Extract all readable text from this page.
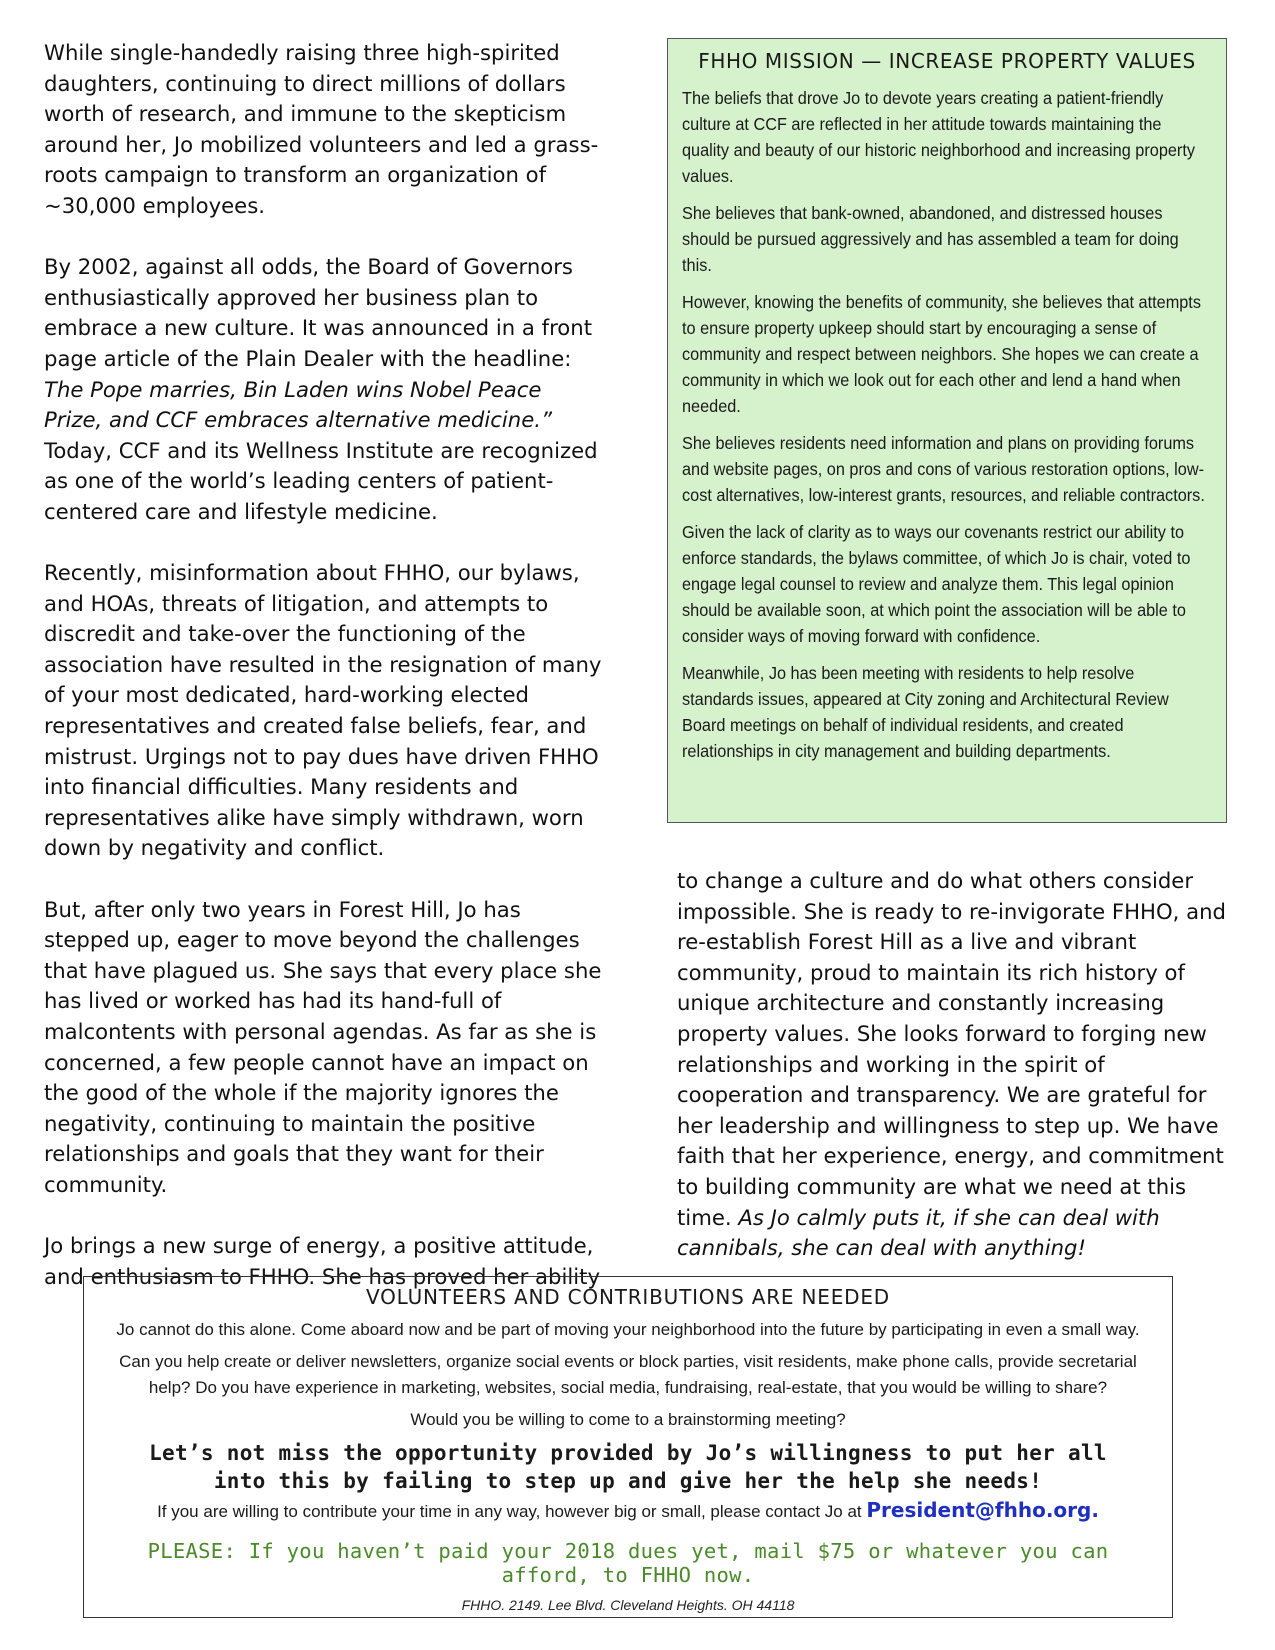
While single-handedly raising three high-spirited daughters, continuing to direct millions of dollars worth of research, and immune to the skepticism around her, Jo mobilized volunteers and led a grass-roots campaign to transform an organization of ~30,000 employees.

By 2002, against all odds, the Board of Governors enthusiastically approved her business plan to embrace a new culture. It was announced in a front page article of the Plain Dealer with the headline: The Pope marries, Bin Laden wins Nobel Peace Prize, and CCF embraces alternative medicine.” Today, CCF and its Wellness Institute are recognized as one of the world’s leading centers of patient-centered care and lifestyle medicine.

Recently, misinformation about FHHO, our bylaws, and HOAs, threats of litigation, and attempts to discredit and take-over the functioning of the association have resulted in the resignation of many of your most dedicated, hard-working elected representatives and created false beliefs, fear, and mistrust. Urgings not to pay dues have driven FHHO into financial difficulties. Many residents and representatives alike have simply withdrawn, worn down by negativity and conflict.

But, after only two years in Forest Hill, Jo has stepped up, eager to move beyond the challenges that have plagued us. She says that every place she has lived or worked has had its hand-full of malcontents with personal agendas. As far as she is concerned, a few people cannot have an impact on the good of the whole if the majority ignores the negativity, continuing to maintain the positive relationships and goals that they want for their community.

Jo brings a new surge of energy, a positive attitude, and enthusiasm to FHHO. She has proved her ability

FHHO MISSION — INCREASE PROPERTY VALUES

The beliefs that drove Jo to devote years creating a patient-friendly culture at CCF are reflected in her attitude towards maintaining the quality and beauty of our historic neighborhood and increasing property values.

She believes that bank-owned, abandoned, and distressed houses should be pursued aggressively and has assembled a team for doing this.

However, knowing the benefits of community, she believes that attempts to ensure property upkeep should start by encouraging a sense of community and respect between neighbors. She hopes we can create a community in which we look out for each other and lend a hand when needed.

She believes residents need information and plans on providing forums and website pages, on pros and cons of various restoration options, low-cost alternatives, low-interest grants, resources, and reliable contractors.

Given the lack of clarity as to ways our covenants restrict our ability to enforce standards, the bylaws committee, of which Jo is chair, voted to engage legal counsel to review and analyze them. This legal opinion should be available soon, at which point the association will be able to consider ways of moving forward with confidence.

Meanwhile, Jo has been meeting with residents to help resolve standards issues, appeared at City zoning and Architectural Review Board meetings on behalf of individual residents, and created relationships in city management and building departments.

to change a culture and do what others consider impossible. She is ready to re-invigorate FHHO, and re-establish Forest Hill as a live and vibrant community, proud to maintain its rich history of unique architecture and constantly increasing property values. She looks forward to forging new relationships and working in the spirit of cooperation and transparency. We are grateful for her leadership and willingness to step up. We have faith that her experience, energy, and commitment to building community are what we need at this time. As Jo calmly puts it, if she can deal with cannibals, she can deal with anything!

VOLUNTEERS AND CONTRIBUTIONS ARE NEEDED

Jo cannot do this alone. Come aboard now and be part of moving your neighborhood into the future by participating in even a small way.

Can you help create or deliver newsletters, organize social events or block parties, visit residents, make phone calls, provide secretarial help? Do you have experience in marketing, websites, social media, fundraising, real-estate, that you would be willing to share?

Would you be willing to come to a brainstorming meeting?

Let’s not miss the opportunity provided by Jo’s willingness to put her all into this by failing to step up and give her the help she needs!

If you are willing to contribute your time in any way, however big or small, please contact Jo at President@fhho.org.

PLEASE: If you haven’t paid your 2018 dues yet, mail $75 or whatever you can afford, to FHHO now.

FHHO. 2149. Lee Blvd. Cleveland Heights. OH 44118
